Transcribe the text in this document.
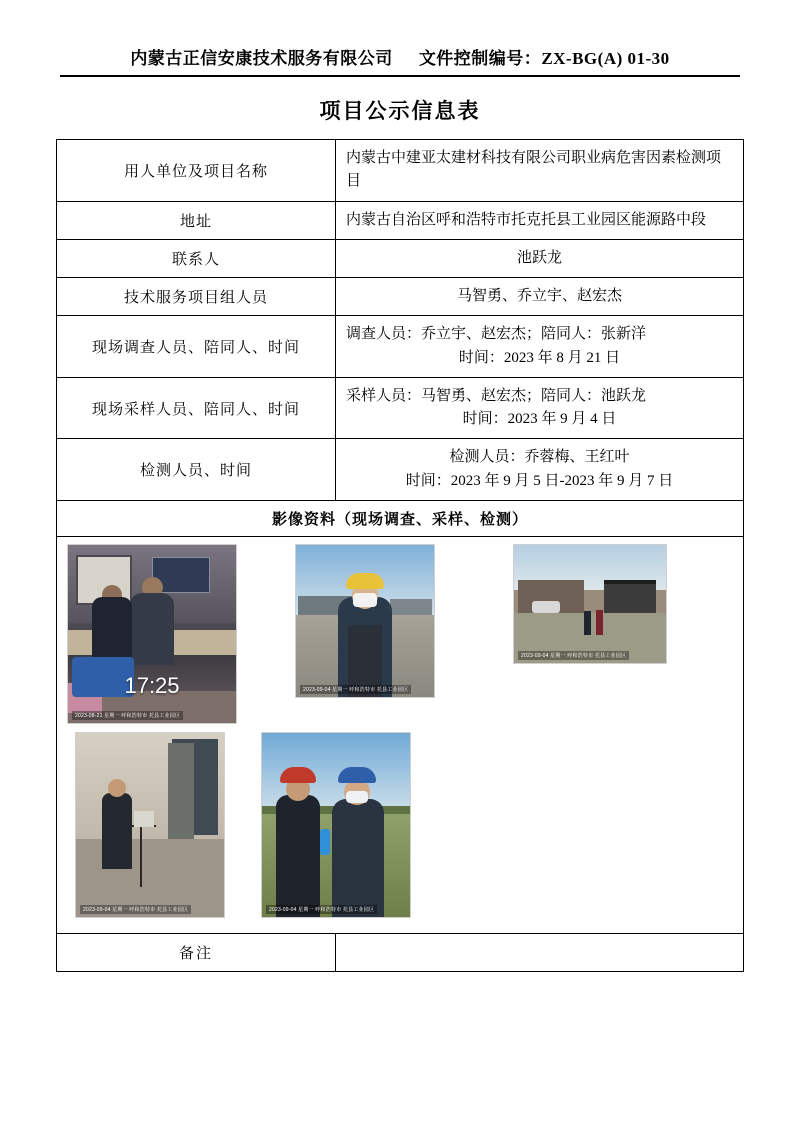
内蒙古正信安康技术服务有限公司 文件控制编号：ZX-BG(A) 01-30
项目公示信息表
用人单位及项目名称	内蒙古中建亚太建材科技有限公司职业病危害因素检测项目
地址	内蒙古自治区呼和浩特市托克托县工业园区能源路中段
联系人	池跃龙
技术服务项目组人员	马智勇、乔立宇、赵宏杰
现场调查人员、陪同人、时间	调查人员：乔立宇、赵宏杰；陪同人：张新洋
时间：2023 年 8 月 21 日

现场采样人员、陪同人、时间	采样人员：马智勇、赵宏杰；陪同人：池跃龙
时间：2023 年 9 月 4 日

检测人员、时间	检测人员：乔蓉梅、王红叶
时间：2023 年 9 月 5 日-2023 年 9 月 7 日

影像资料（现场调查、采样、检测）	

17:25
2023-08-21 星期一 呼和浩特市 托县工业园区
2023-09-04 星期一 呼和浩特市 托县工业园区
2023-09-04 星期一 呼和浩特市 托县工业园区
2023-09-04 星期一 呼和浩特市 托县工业园区	2023-09-04 星期一 呼和浩特市 托县工业园区

备注	
